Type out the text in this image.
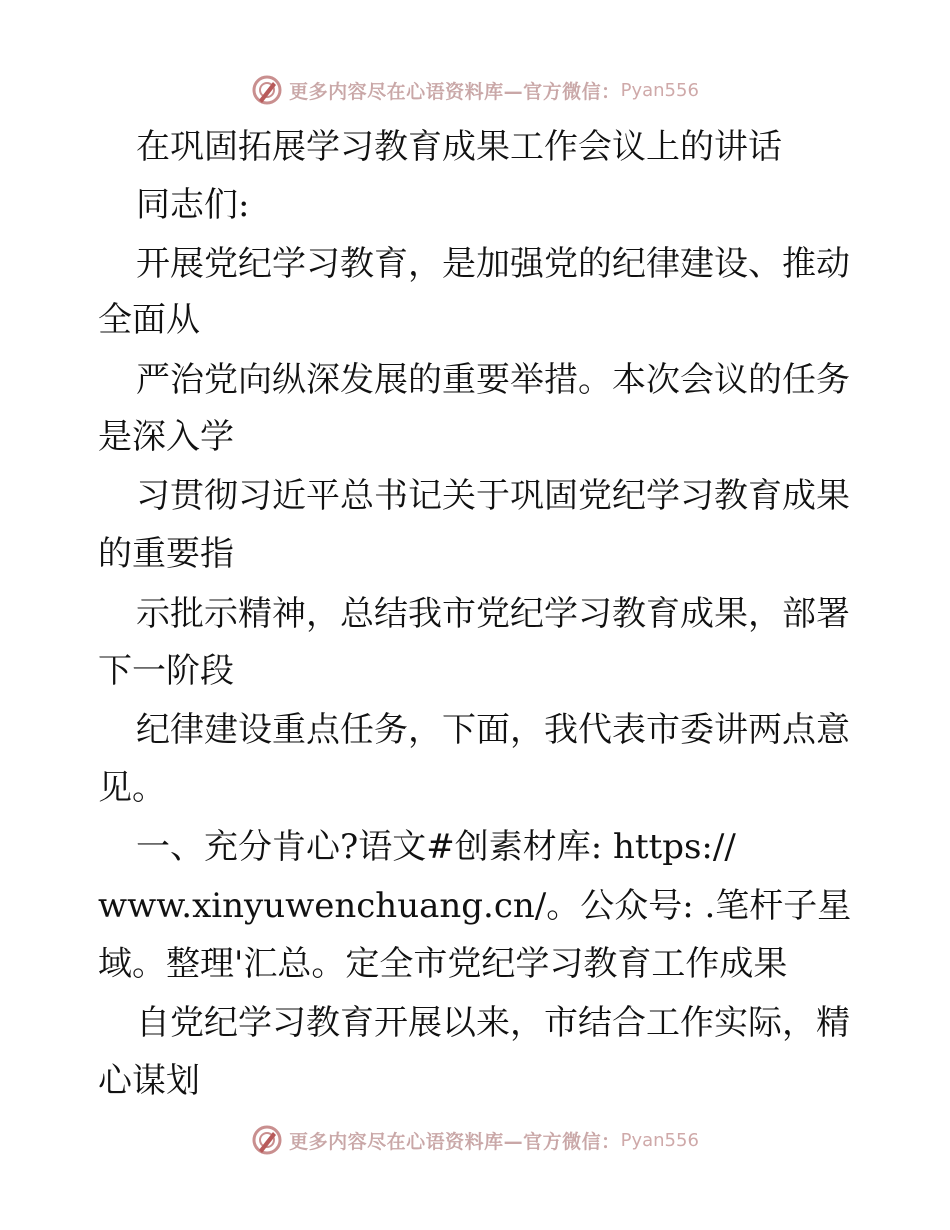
更多内容尽在心语资料库—官方微信： Pyan556
在巩固拓展学习教育成果工作会议上的讲话
同志们:
开展党纪学习教育，是加强党的纪律建设、推动
全面从
严治党向纵深发展的重要举措。本次会议的任务
是深入学
习贯彻习近平总书记关于巩固党纪学习教育成果
的重要指
示批示精神，总结我市党纪学习教育成果，部署
下一阶段
纪律建设重点任务，下面，我代表市委讲两点意
见。
一、充分肯心?语文#创素材库: https://
www.xinyuwenchuang.cn/。公众号: .笔杆子星
域。整理'汇总。定全市党纪学习教育工作成果
自党纪学习教育开展以来，市结合工作实际，精
心谋划
更多内容尽在心语资料库—官方微信： Pyan556
